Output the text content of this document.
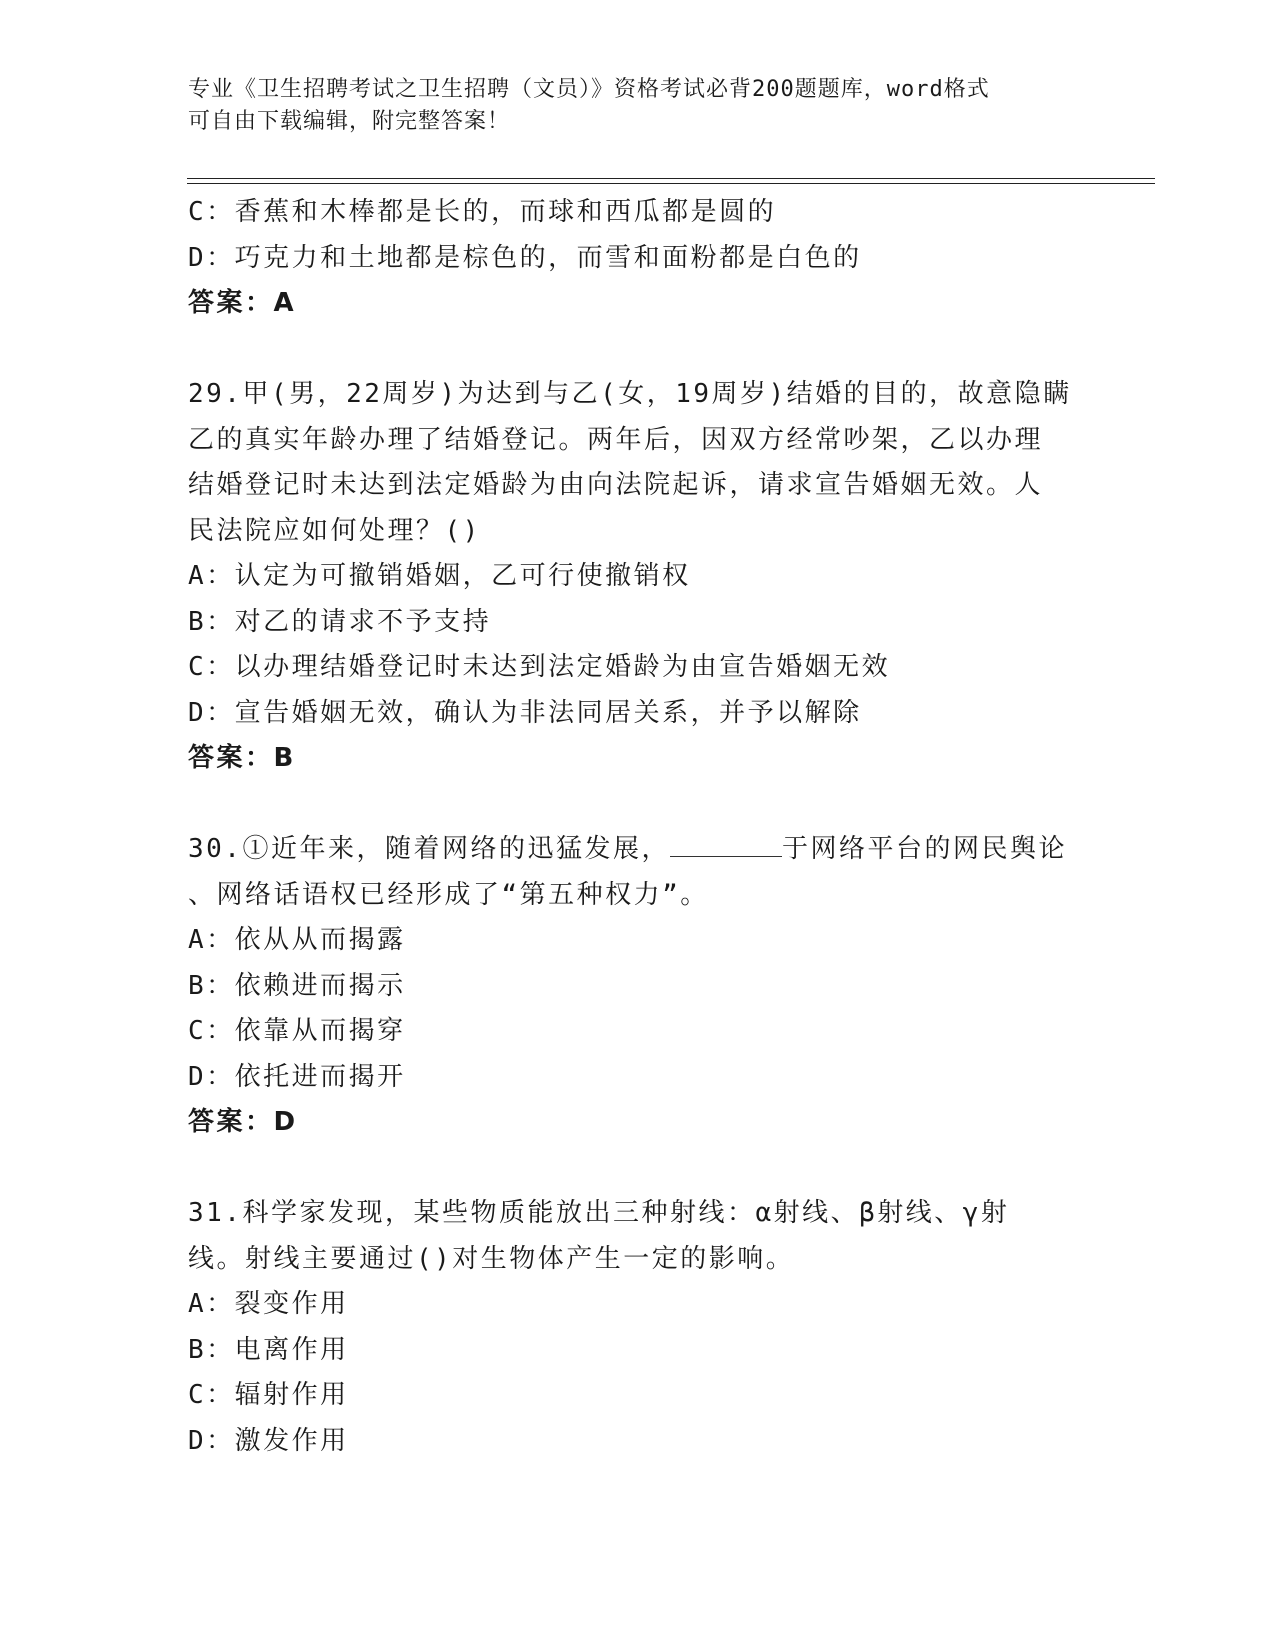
专业《卫生招聘考试之卫生招聘（文员）》资格考试必背200题题库，word格式
可自由下载编辑，附完整答案！
C：香蕉和木棒都是长的，而球和西瓜都是圆的
D：巧克力和土地都是棕色的，而雪和面粉都是白色的
答案：A
29.甲(男，22周岁)为达到与乙(女，19周岁)结婚的目的，故意隐瞒
乙的真实年龄办理了结婚登记。两年后，因双方经常吵架，乙以办理
结婚登记时未达到法定婚龄为由向法院起诉，请求宣告婚姻无效。人
民法院应如何处理？()
A：认定为可撤销婚姻，乙可行使撤销权
B：对乙的请求不予支持
C：以办理结婚登记时未达到法定婚龄为由宣告婚姻无效
D：宣告婚姻无效，确认为非法同居关系，并予以解除
答案：B
30.①近年来，随着网络的迅猛发展，	于网络平台的网民舆论
、网络话语权已经形成了“第五种权力”。
A：依从从而揭露
B：依赖进而揭示
C：依靠从而揭穿
D：依托进而揭开
答案：D
31.科学家发现，某些物质能放出三种射线：α射线、β射线、γ射
线。射线主要通过()对生物体产生一定的影响。
A：裂变作用
B：电离作用
C：辐射作用
D：激发作用
